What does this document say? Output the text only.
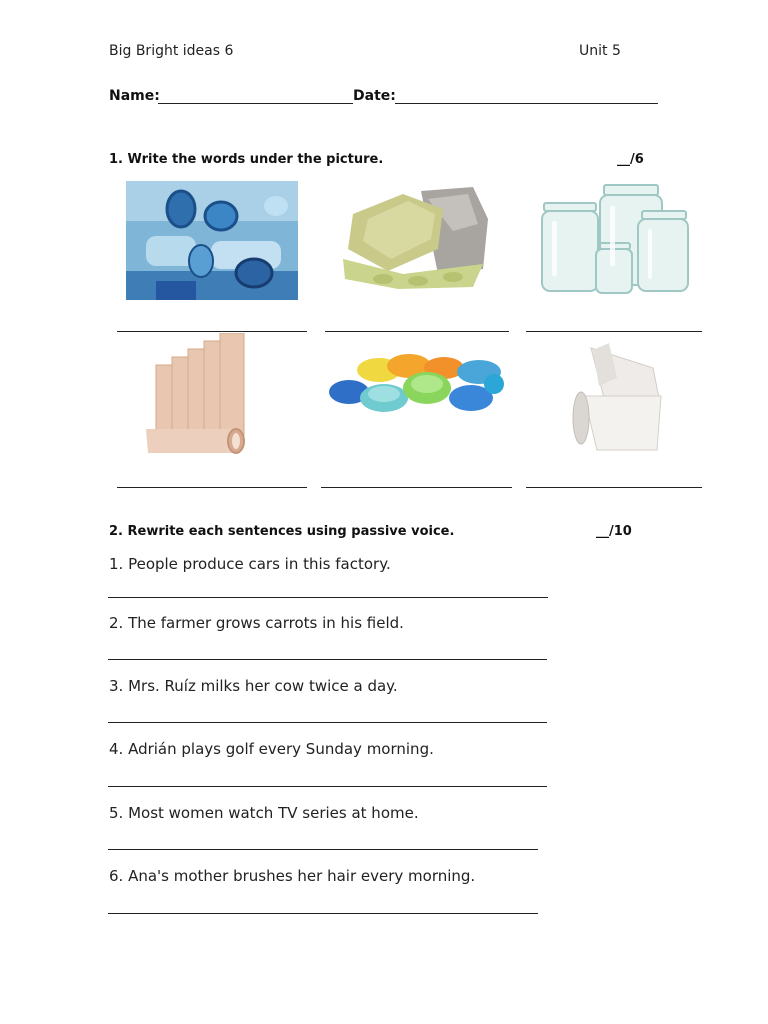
Big Bright ideas 6	Unit 5
Name:	Date:
1. Write the words under the picture.	__/6
2. Rewrite each sentences using passive voice.	__/10
1. People produce cars in this factory.
2. The farmer grows carrots in his field.
3. Mrs. Ruíz milks her cow twice a day.
4. Adrián plays golf every Sunday morning.
5. Most women watch TV series at home.
6. Ana's mother brushes her hair every morning.
